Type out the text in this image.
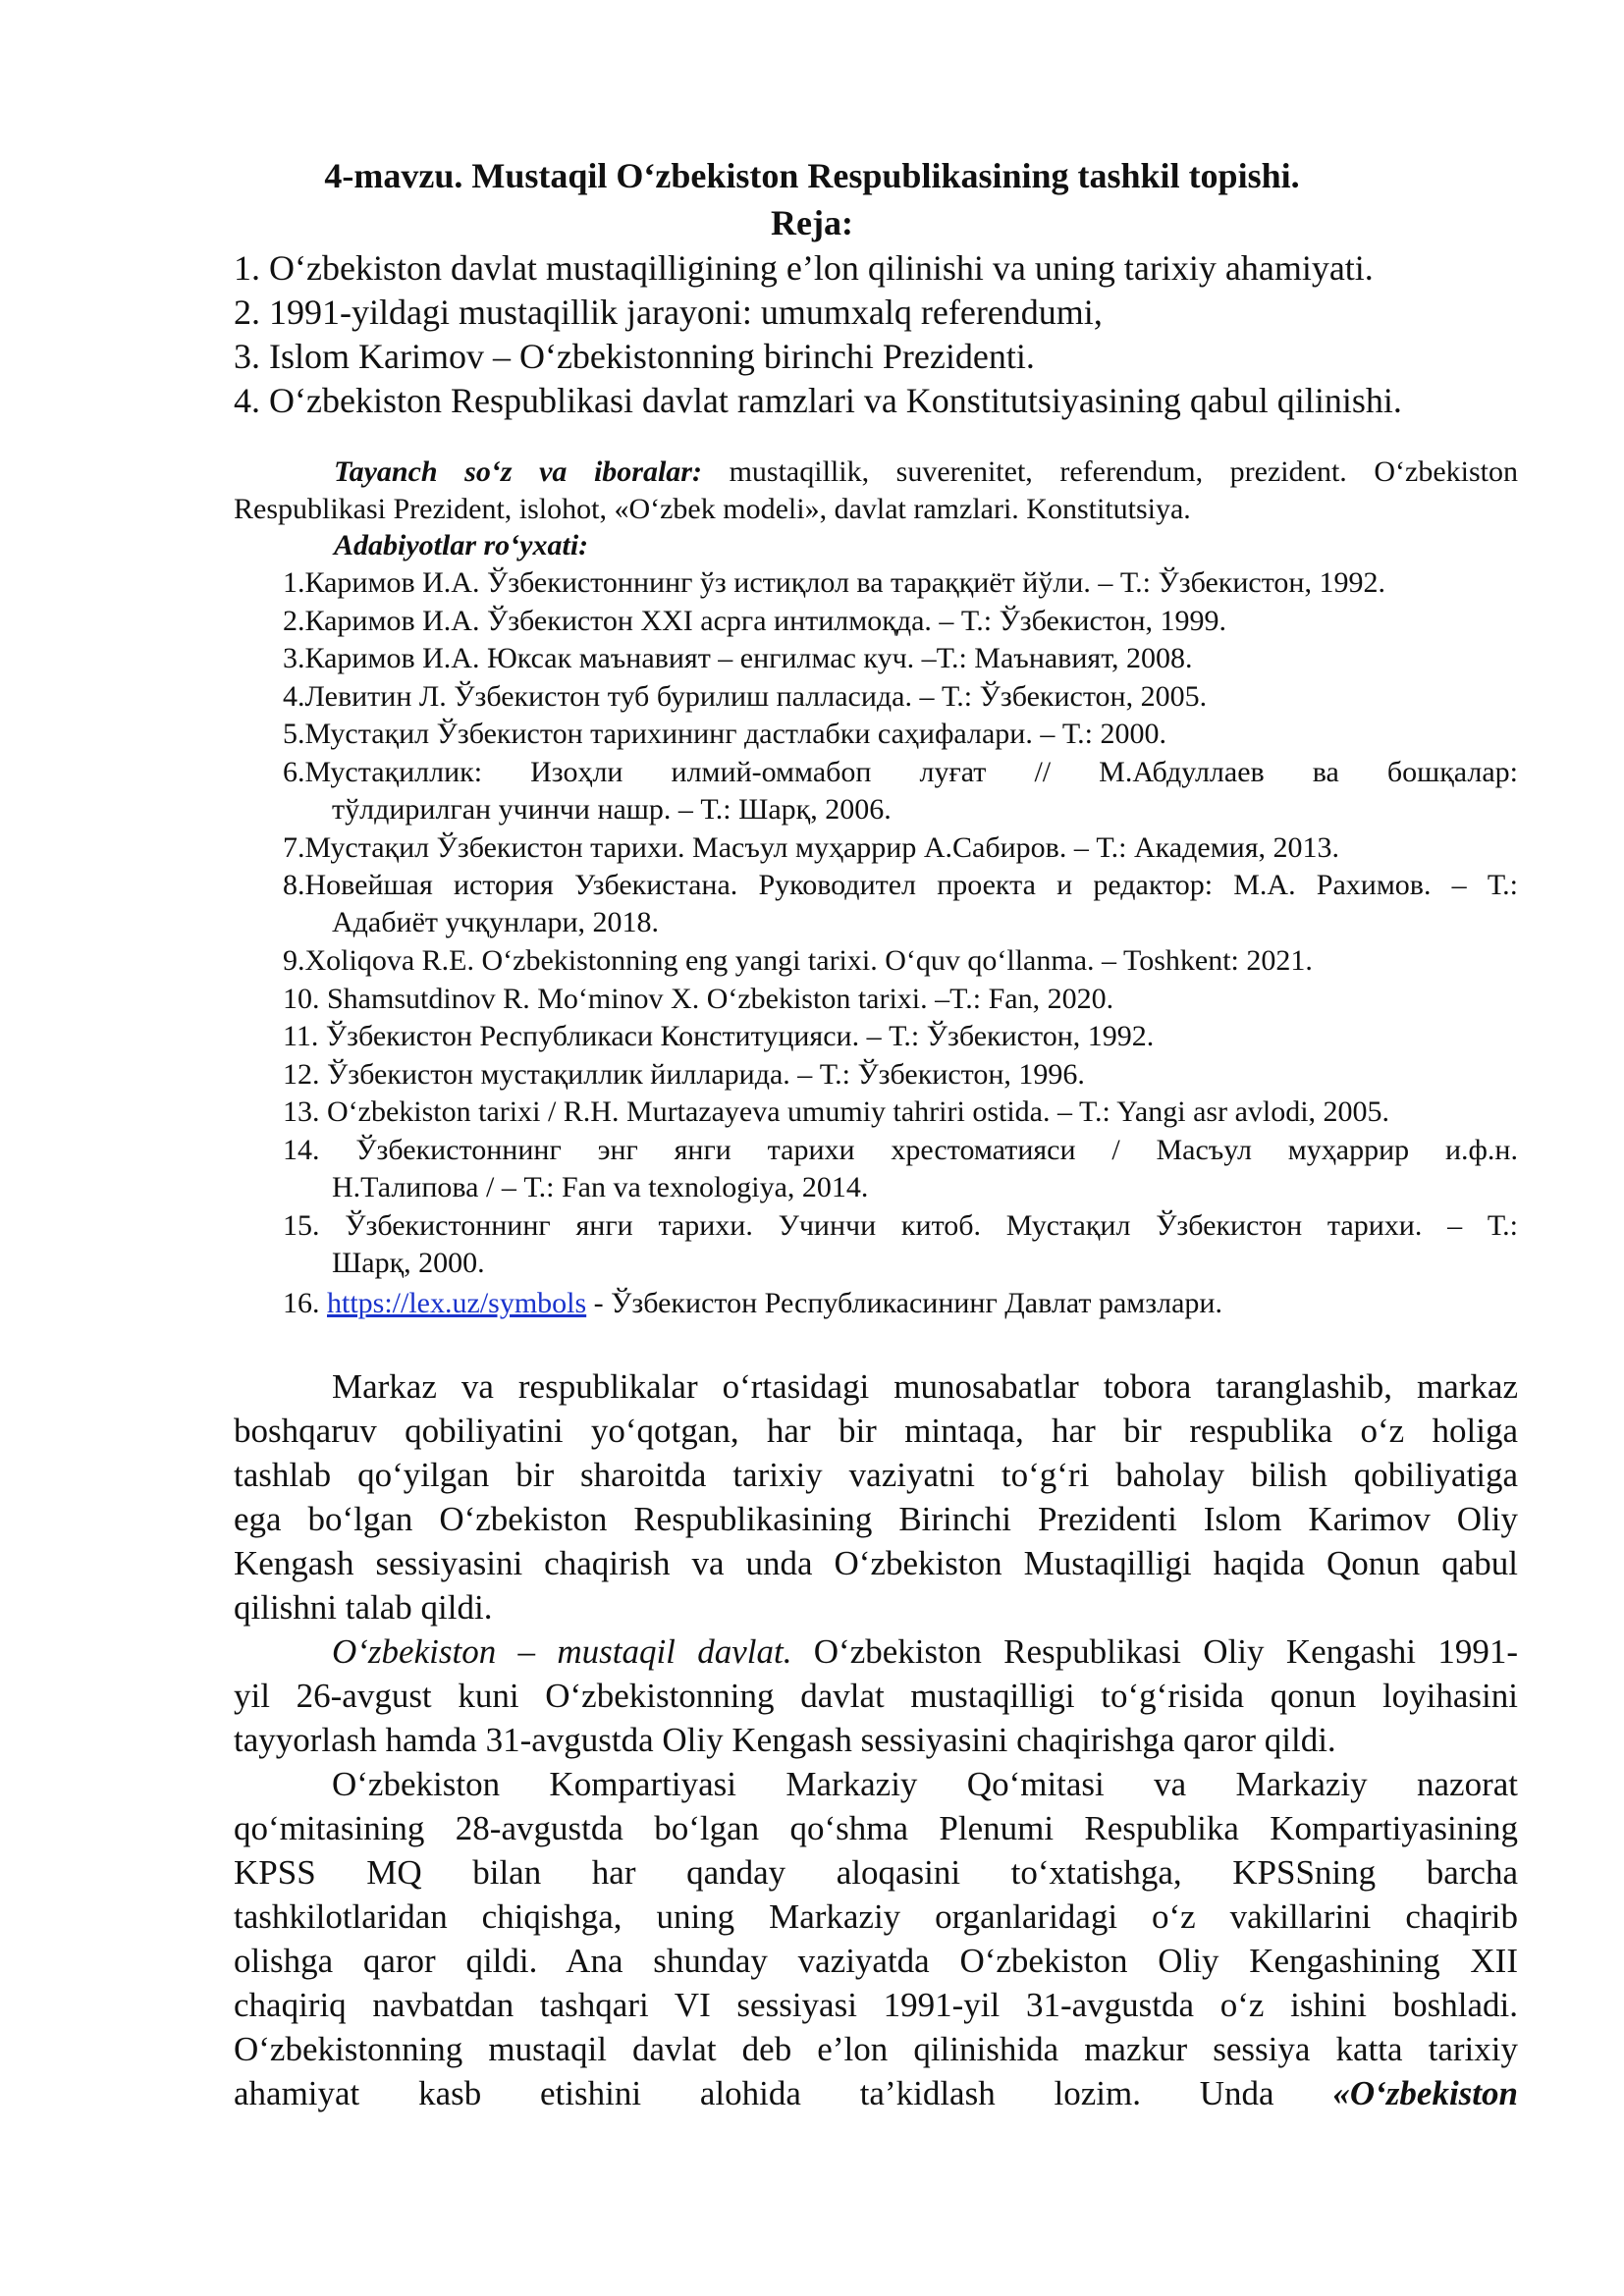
4-mavzu. Mustaqil O‘zbekiston Respublikasining tashkil topishi.
Reja:
1. O‘zbekiston davlat mustaqilligining e’lon qilinishi va uning tarixiy ahamiyati.
2. 1991-yildagi mustaqillik jarayoni: umumxalq referendumi,
3. Islom Karimov – O‘zbekistonning birinchi Prezidenti.
4. O‘zbekiston Respublikasi davlat ramzlari va Konstitutsiyasining qabul qilinishi.
Tayanch so‘z va iboralar: mustaqillik, suverenitet, referendum, prezident. O‘zbekiston
Respublikasi Prezident, islohot, «O‘zbek modeli», davlat ramzlari. Konstitutsiya.
Adabiyotlar ro‘yxati:
1.Каримов И.А. Ўзбекистоннинг ўз истиқлол ва тараққиёт йўли. – Т.: Ўзбекистон, 1992.
2.Каримов И.А. Ўзбекистон XXI асрга интилмоқда. – Т.: Ўзбекистон, 1999.
3.Каримов И.А. Юксак маънавият – енгилмас куч. –Т.: Маънавият, 2008.
4.Левитин Л. Ўзбекистон туб бурилиш палласида. – Т.: Ўзбекистон, 2005.
5.Мустақил Ўзбекистон тарихининг дастлабки саҳифалари. – Т.: 2000.
6.Мустақиллик: Изоҳли илмий-оммабоп луғат // М.Абдуллаев ва бошқалар:
тўлдирилган учинчи нашр. – Т.: Шарқ, 2006.
7.Мустақил Ўзбекистон тарихи. Масъул муҳаррир А.Сабиров. – Т.: Академия, 2013.
8.Новейшая история Узбекистана. Руководител проекта и редактор: М.А. Рахимов. – Т.:
Адабиёт учқунлари, 2018.
9.Xoliqova R.E. O‘zbekistonning eng yangi tarixi. O‘quv qo‘llanma. – Toshkent: 2021.
10. Shamsutdinov R. Mo‘minov X. O‘zbekiston tarixi. –T.: Fan, 2020.
11. Ўзбекистон Республикаси Конституцияси. – Т.: Ўзбекистон, 1992.
12. Ўзбекистон мустақиллик йилларида. – Т.: Ўзбекистон, 1996.
13. O‘zbekiston tarixi / R.H. Murtazayeva umumiy tahriri ostida. – T.: Yangi asr avlodi, 2005.
14. Ўзбекистоннинг энг янги тарихи хрестоматияси / Масъул муҳаррир и.ф.н.
Н.Талипова / – Т.: Fan va texnologiya, 2014.
15. Ўзбекистоннинг янги тарихи. Учинчи китоб. Мустақил Ўзбекистон тарихи. – Т.:
Шарқ, 2000.
16. https://lex.uz/symbols - Ўзбекистон Республикасининг Давлат рамзлари.
Markaz va respublikalar o‘rtasidagi munosabatlar tobora taranglashib, markaz
boshqaruv qobiliyatini yo‘qotgan, har bir mintaqa, har bir respublika o‘z holiga
tashlab qo‘yilgan bir sharoitda tarixiy vaziyatni to‘g‘ri baholay bilish qobiliyatiga
ega bo‘lgan O‘zbekiston Respublikasining Birinchi Prezidenti Islom Karimov Oliy
Kengash sessiyasini chaqirish va unda O‘zbekiston Mustaqilligi haqida Qonun qabul
qilishni talab qildi.
O‘zbekiston – mustaqil davlat. O‘zbekiston Respublikasi Oliy Kengashi 1991-
yil 26-avgust kuni O‘zbekistonning davlat mustaqilligi to‘g‘risida qonun loyihasini
tayyorlash hamda 31-avgustda Oliy Kengash sessiyasini chaqirishga qaror qildi.
O‘zbekiston Kompartiyasi Markaziy Qo‘mitasi va Markaziy nazorat
qo‘mitasining 28-avgustda bo‘lgan qo‘shma Plenumi Respublika Kompartiyasining
KPSS MQ bilan har qanday aloqasini to‘xtatishga, KPSSning barcha
tashkilotlaridan chiqishga, uning Markaziy organlaridagi o‘z vakillarini chaqirib
olishga qaror qildi. Ana shunday vaziyatda O‘zbekiston Oliy Kengashining XII
chaqiriq navbatdan tashqari VI sessiyasi 1991-yil 31-avgustda o‘z ishini boshladi.
O‘zbekistonning mustaqil davlat deb e’lon qilinishida mazkur sessiya katta tarixiy
ahamiyat kasb etishini alohida ta’kidlash lozim. Unda «O‘zbekiston
